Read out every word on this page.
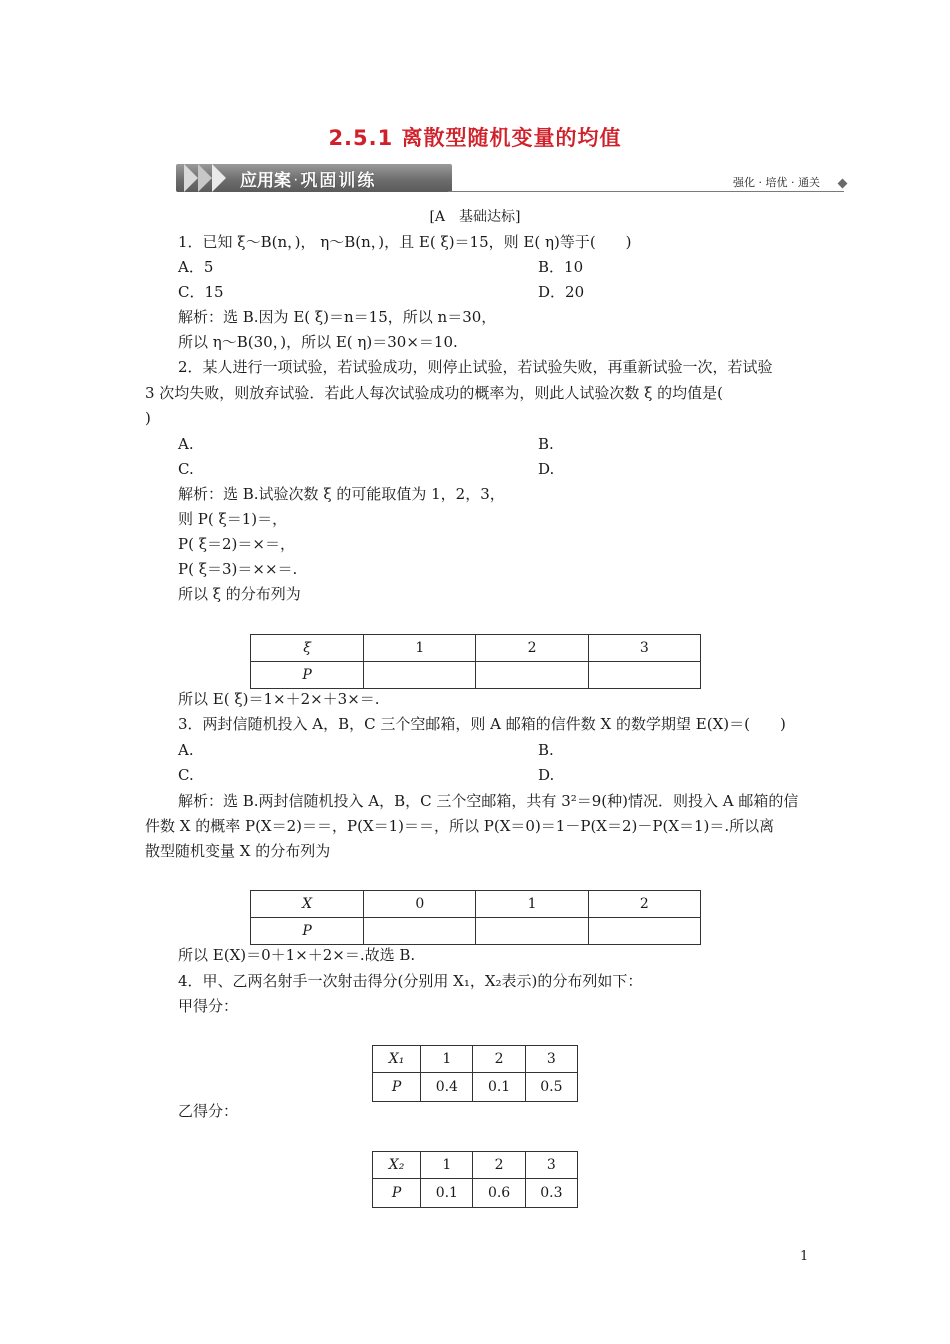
2.5.1 离散型随机变量的均值
应用案 · 巩固训练	强化 · 培优 · 通关
[A　基础达标]
1．已知 ξ～B(n，)， η～B(n，)，且 E( ξ)＝15，则 E( η)等于(　　)
A．5	B．10
C．15	D．20
解析：选 B.因为 E( ξ)＝n＝15，所以 n＝30，
所以 η～B(30，)，所以 E( η)＝30×＝10.
2．某人进行一项试验，若试验成功，则停止试验，若试验失败，再重新试验一次，若试验
3 次均失败，则放弃试验．若此人每次试验成功的概率为，则此人试验次数 ξ 的均值是(
)
A.	B.
C.	D.
解析：选 B.试验次数 ξ 的可能取值为 1，2，3，
则 P( ξ＝1)＝，
P( ξ＝2)＝×＝，
P( ξ＝3)＝××＝.
所以 ξ 的分布列为
ξ	1	2	3
P			
所以 E( ξ)＝1×＋2×＋3×＝.
3．两封信随机投入 A，B，C 三个空邮箱，则 A 邮箱的信件数 X 的数学期望 E(X)＝(　　)
A.	B.
C.	D.
解析：选 B.两封信随机投入 A，B，C 三个空邮箱，共有 3²＝9(种)情况．则投入 A 邮箱的信
件数 X 的概率 P(X＝2)＝＝，P(X＝1)＝＝，所以 P(X＝0)＝1－P(X＝2)－P(X＝1)＝.所以离
散型随机变量 X 的分布列为
X	0	1	2
P			
所以 E(X)＝0＋1×＋2×＝.故选 B.
4．甲、乙两名射手一次射击得分(分别用 X₁，X₂表示)的分布列如下：
甲得分：
X₁	1	2	3
P	0.4	0.1	0.5
乙得分：
X₂	1	2	3
P	0.1	0.6	0.3
1
